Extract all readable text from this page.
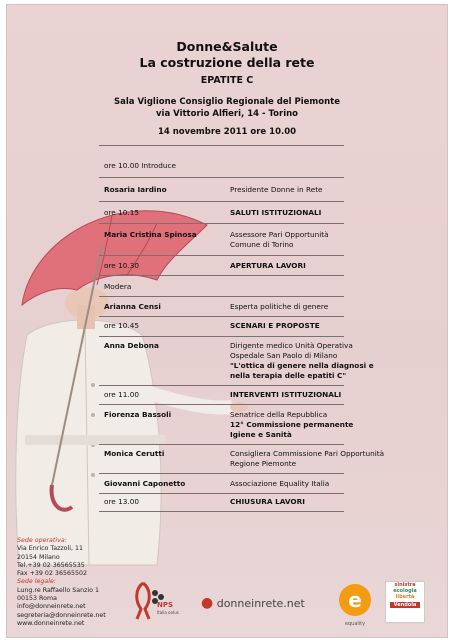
Donne&Salute
La costruzione della rete
EPATITE C
Sala Viglione Consiglio Regionale del Piemonte
via Vittorio Alfieri, 14 - Torino
14 novembre 2011 ore 10.00
ore 10.00 Introduce
Rosaria Iardino	Presidente Donne in Rete
ore 10.15	SALUTI ISTITUZIONALI
Maria Cristina Spinosa	Assessore Pari Opportunità
Comune di Torino
ore 10.30	APERTURA LAVORI
Modera
Arianna Censi	Esperta politiche di genere
ore 10.45	SCENARI E PROPOSTE
Anna Debona	Dirigente medico Unità Operativa
Ospedale San Paolo di Milano
"L'ottica di genere nella diagnosi e
nella terapia delle epatiti C"
ore 11.00	INTERVENTI ISTITUZIONALI
Fiorenza Bassoli	Senatrice della Repubblica
12° Commissione permanente
Igiene e Sanità
Monica Cerutti	Consigliera Commissione Pari Opportunità
Regione Piemonte
Giovanni Caponetto	Associazione Equality Italia
ore 13.00	CHIUSURA LAVORI
Sede operativa:
Via Enrico Tazzoli, 11
20154 Milano
Tel.+39 02 36565535
Fax +39 02 36565502
Sede legale:
Lung.re Raffaello Sanzio 1
00153 Roma
info@donneinrete.net
segreteria@donneinrete.net
www.donneinrete.net
NPS
Italia onlus
● donneinrete.net e
equality
sinistra
ecologia
libertà
Vendola
